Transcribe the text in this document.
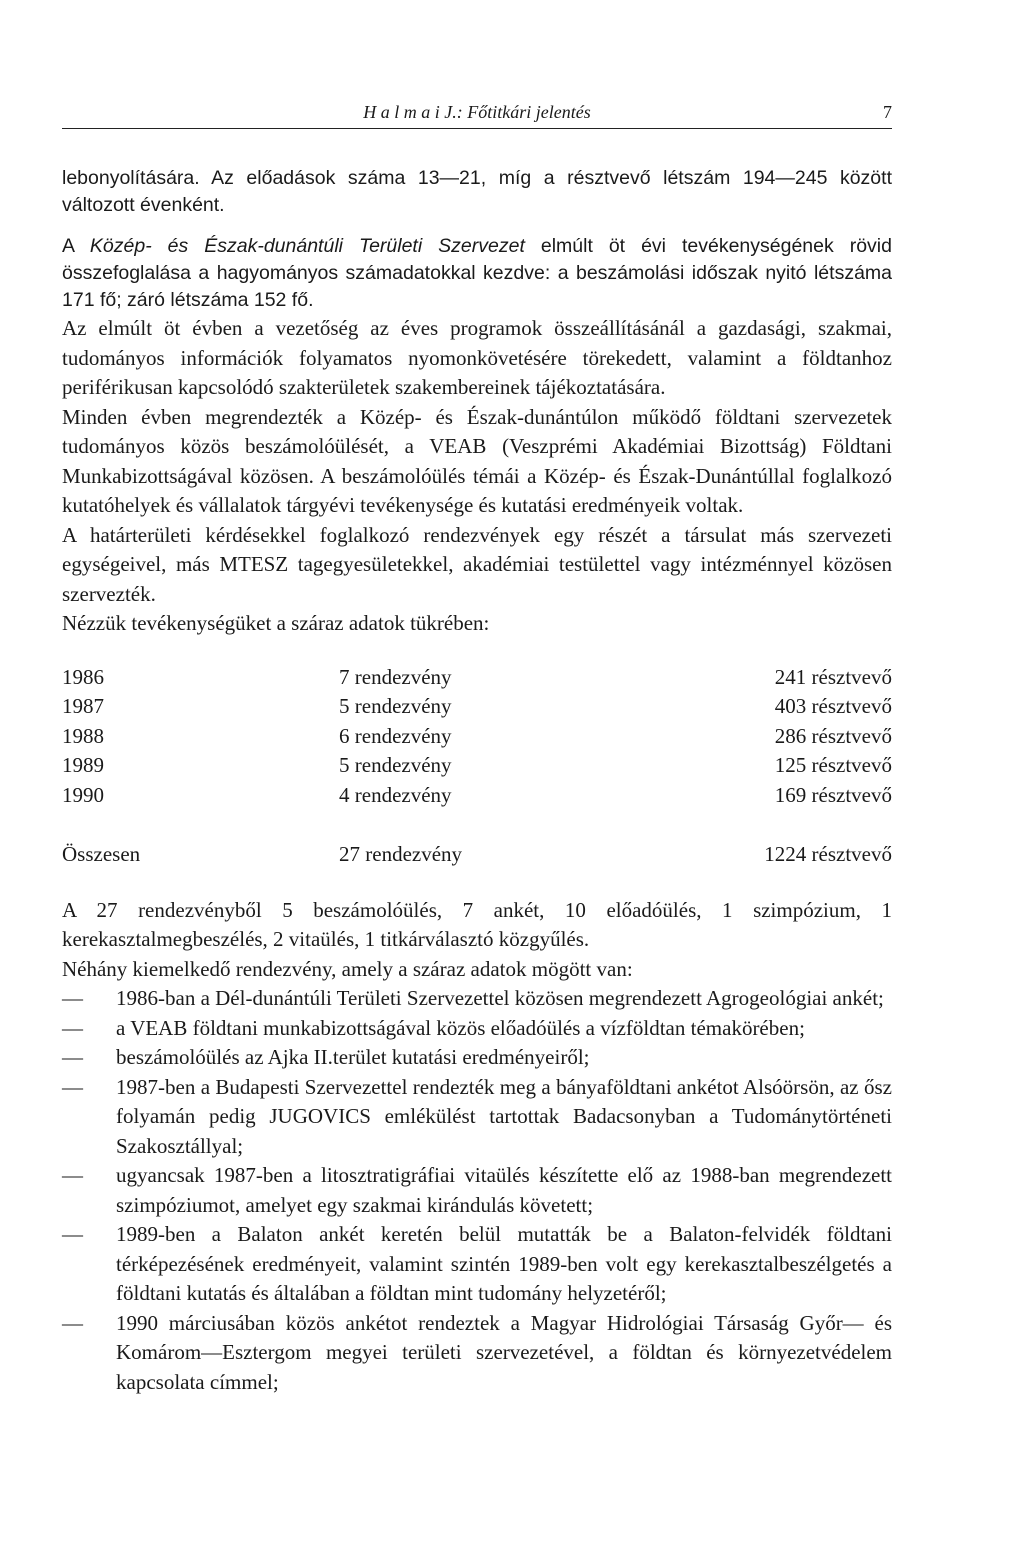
H a l m a i J.: Főtitkári jelentés	7

lebonyolítására. Az előadások száma 13—21, míg a résztvevő létszám 194—245 között változott évenként.

A Közép- és Észak-dunántúli Területi Szervezet elmúlt öt évi tevékenységének rövid összefoglalása a hagyományos számadatokkal kezdve: a beszámolási időszak nyitó létszáma 171 fő; záró létszáma 152 fő.

Az elmúlt öt évben a vezetőség az éves programok összeállításánál a gazdasági, szakmai, tudományos információk folyamatos nyomonkövetésére törekedett, valamint a földtanhoz periférikusan kapcsolódó szakterületek szakembereinek tájékoztatására.

Minden évben megrendezték a Közép- és Észak-dunántúlon működő földtani szervezetek tudományos közös beszámolóülését, a VEAB (Veszprémi Akadémiai Bizottság) Földtani Munkabizottságával közösen. A beszámolóülés témái a Közép- és Észak-Dunántúllal foglalkozó kutatóhelyek és vállalatok tárgyévi tevékenysége és kutatási eredményeik voltak.

A határterületi kérdésekkel foglalkozó rendezvények egy részét a társulat más szervezeti egységeivel, más MTESZ tagegyesületekkel, akadémiai testülettel vagy intézménnyel közösen szervezték.

Nézzük tevékenységüket a száraz adatok tükrében:

1986	7 rendezvény	241 résztvevő
1987	5 rendezvény	403 résztvevő
1988	6 rendezvény	286 résztvevő
1989	5 rendezvény	125 résztvevő
1990	4 rendezvény	169 résztvevő
Összesen	27 rendezvény	1224 résztvevő

A 27 rendezvényből 5 beszámolóülés, 7 ankét, 10 előadóülés, 1 szimpózium, 1 kerekasztalmegbeszélés, 2 vitaülés, 1 titkárválasztó közgyűlés.

Néhány kiemelkedő rendezvény, amely a száraz adatok mögött van:

— 1986-ban a Dél-dunántúli Területi Szervezettel közösen megrendezett Agrogeológiai ankét;
— a VEAB földtani munkabizottságával közös előadóülés a vízföldtan témakörében;
— beszámolóülés az Ajka II.terület kutatási eredményeiről;
— 1987-ben a Budapesti Szervezettel rendezték meg a bányaföldtani ankétot Alsóörsön, az ősz folyamán pedig JUGOVICS emlékülést tartottak Badacsonyban a Tudománytörténeti Szakosztállyal;
— ugyancsak 1987-ben a litosztratigráfiai vitaülés készítette elő az 1988-ban megrendezett szimpóziumot, amelyet egy szakmai kirándulás követett;
— 1989-ben a Balaton ankét keretén belül mutatták be a Balaton-felvidék földtani térképezésének eredményeit, valamint szintén 1989-ben volt egy kerekasztalbeszélgetés a földtani kutatás és általában a földtan mint tudomány helyzetéről;
— 1990 márciusában közös ankétot rendeztek a Magyar Hidrológiai Társaság Győr— és Komárom—Esztergom megyei területi szervezetével, a földtan és környezetvédelem kapcsolata címmel;
